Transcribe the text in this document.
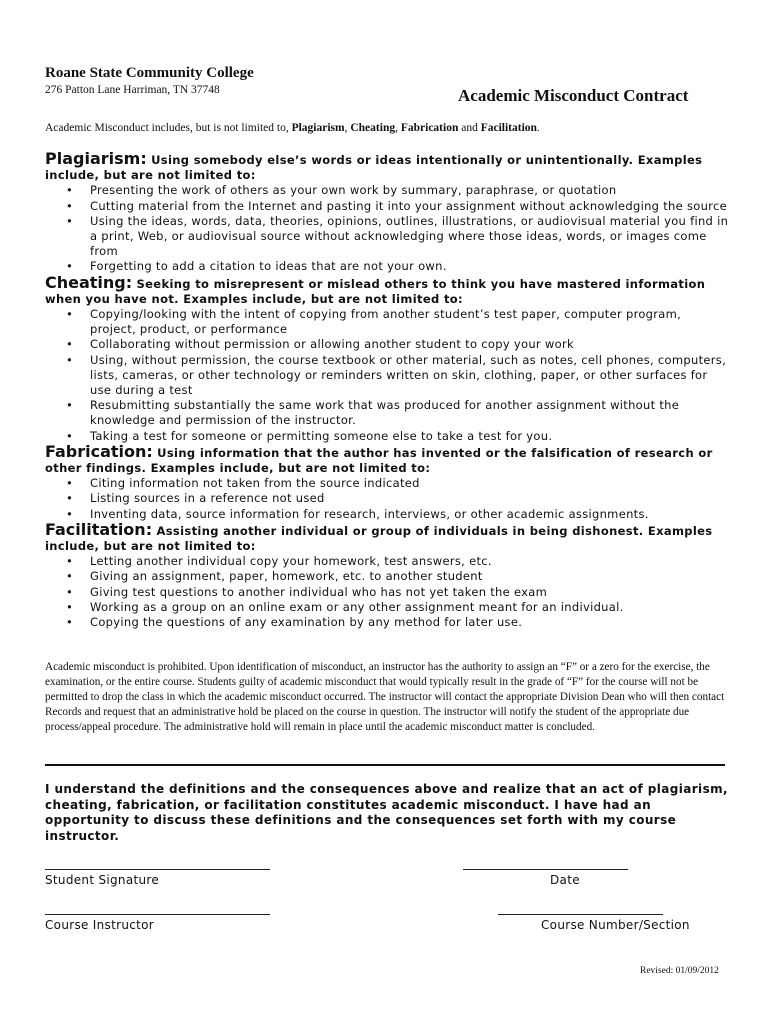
Roane State Community College
276 Patton Lane Harriman, TN 37748	Academic Misconduct Contract
Academic Misconduct includes, but is not limited to, Plagiarism, Cheating, Fabrication and Facilitation.
Plagiarism: Using somebody else’s words or ideas intentionally or unintentionally. Examples include, but are not limited to:
• Presenting the work of others as your own work by summary, paraphrase, or quotation
• Cutting material from the Internet and pasting it into your assignment without acknowledging the source
• Using the ideas, words, data, theories, opinions, outlines, illustrations, or audiovisual material you find in a print, Web, or audiovisual source without acknowledging where those ideas, words, or images come from
• Forgetting to add a citation to ideas that are not your own.
Cheating: Seeking to misrepresent or mislead others to think you have mastered information when you have not. Examples include, but are not limited to:
• Copying/looking with the intent of copying from another student’s test paper, computer program, project, product, or performance
• Collaborating without permission or allowing another student to copy your work
• Using, without permission, the course textbook or other material, such as notes, cell phones, computers, lists, cameras, or other technology or reminders written on skin, clothing, paper, or other surfaces for use during a test
• Resubmitting substantially the same work that was produced for another assignment without the knowledge and permission of the instructor.
• Taking a test for someone or permitting someone else to take a test for you.
Fabrication: Using information that the author has invented or the falsification of research or other findings. Examples include, but are not limited to:
• Citing information not taken from the source indicated
• Listing sources in a reference not used
• Inventing data, source information for research, interviews, or other academic assignments.
Facilitation: Assisting another individual or group of individuals in being dishonest. Examples include, but are not limited to:
• Letting another individual copy your homework, test answers, etc.
• Giving an assignment, paper, homework, etc. to another student
• Giving test questions to another individual who has not yet taken the exam
• Working as a group on an online exam or any other assignment meant for an individual.
• Copying the questions of any examination by any method for later use.
Academic misconduct is prohibited. Upon identification of misconduct, an instructor has the authority to assign an “F” or a zero for the exercise, the examination, or the entire course. Students guilty of academic misconduct that would typically result in the grade of “F” for the course will not be permitted to drop the class in which the academic misconduct occurred. The instructor will contact the appropriate Division Dean who will then contact Records and request that an administrative hold be placed on the course in question. The instructor will notify the student of the appropriate due process/appeal procedure. The administrative hold will remain in place until the academic misconduct matter is concluded.
I understand the definitions and the consequences above and realize that an act of plagiarism, cheating, fabrication, or facilitation constitutes academic misconduct. I have had an opportunity to discuss these definitions and the consequences set forth with my course instructor.
Student Signature	Date
Course Instructor	Course Number/Section
Revised: 01/09/2012
